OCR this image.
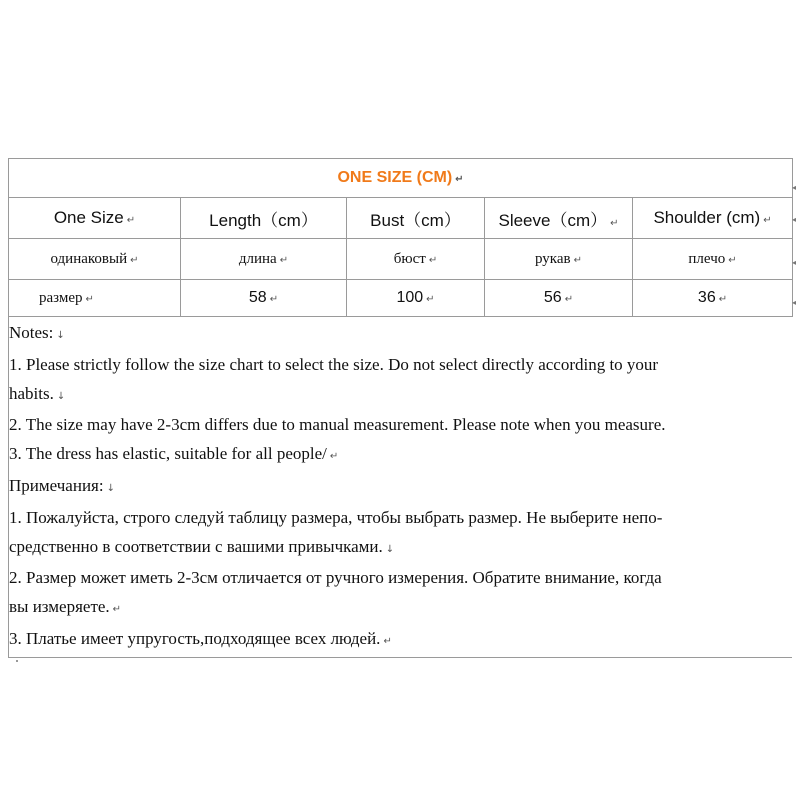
ONE SIZE (CM) ↵				
One Size ↵	Length（cm）	Bust（cm）	Sleeve（cm） ↵	Shoulder (cm) ↵
одинаковый ↵	длина ↵	бюст ↵	рукав ↵	плечо ↵
размер ↵	58 ↵	100 ↵	56 ↵	36 ↵

Notes: ↓

1. Please strictly follow the size chart to select the size. Do not select directly according to your

habits. ↓

2. The size may have 2-3cm differs due to manual measurement. Please note when you measure.

3. The dress has elastic, suitable for all people/ ↵

Примечания: ↓

1. Пожалуйста, строго следуй таблицу размера, чтобы выбрать размер. Не выберите непо-

средственно в соответствии с вашими привычками. ↓

2. Размер может иметь 2-3см отличается от ручного измерения. Обратите внимание, когда

вы измеряете. ↵

3. Платье имеет упругость,подходящее всех людей. ↵

◂
◂
◂
◂
